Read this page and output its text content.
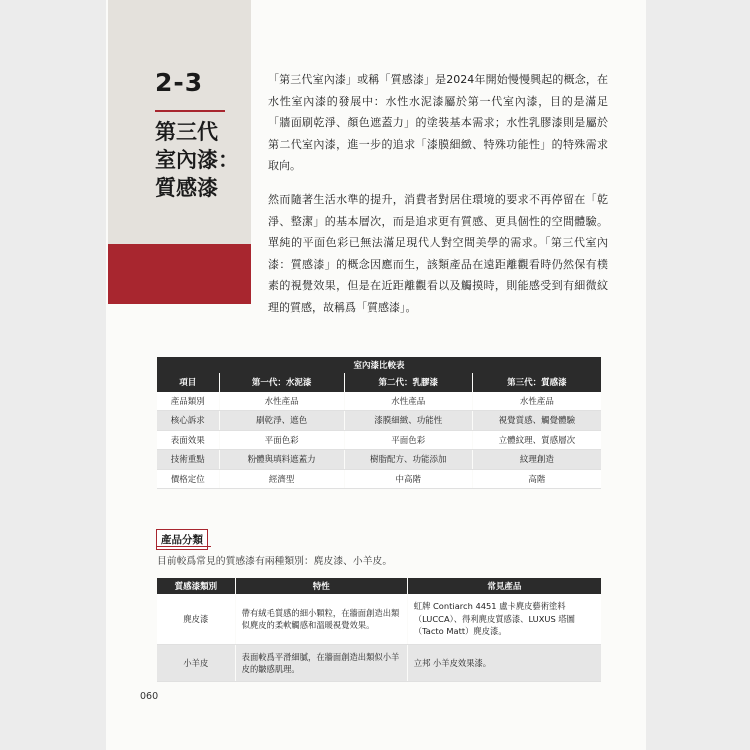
2-3
第三代
室內漆：
質感漆

「第三代室內漆」或稱「質感漆」是2024年開始慢慢興起的概念，在水性室內漆的發展中：水性水泥漆屬於第一代室內漆，目的是滿足「牆面刷乾淨、顏色遮蓋力」的塗裝基本需求；水性乳膠漆則是屬於第二代室內漆，進一步的追求「漆膜細緻、特殊功能性」的特殊需求取向。

然而隨著生活水準的提升，消費者對居住環境的要求不再停留在「乾淨、整潔」的基本層次，而是追求更有質感、更具個性的空間體驗。單純的平面色彩已無法滿足現代人對空間美學的需求。「第三代室內漆：質感漆」的概念因應而生，該類產品在遠距離觀看時仍然保有樸素的視覺效果，但是在近距離觀看以及觸摸時，則能感受到有細微紋理的質感，故稱爲「質感漆」。

室內漆比較表			
項目	第一代：水泥漆	第二代：乳膠漆	第三代：質感漆
產品類別	水性產品	水性產品	水性產品
核心訴求	刷乾淨、遮色	漆膜細緻、功能性	視覺質感、觸覺體驗
表面效果	平面色彩	平面色彩	立體紋理、質感層次
技術重點	粉體與填料遮蓋力	樹脂配方、功能添加	紋理創造
價格定位	經濟型	中高階	高階
產品分類

目前較爲常見的質感漆有兩種類別：麂皮漆、小羊皮。

質感漆類別	特性	常見產品
麂皮漆	帶有絨毛質感的細小顆粒，在牆面創造出類似麂皮的柔軟觸感和溫暖視覺效果。	虹牌 Contiarch 4451 盧卡麂皮藝術塗料（LUCCA）、得利麂皮質感漆、LUXUS 塔圖（Tacto Matt）麂皮漆。
小羊皮	表面較爲平滑細膩，在牆面創造出類似小羊皮的皺感肌理。	立邦 小羊皮效果漆。
060
